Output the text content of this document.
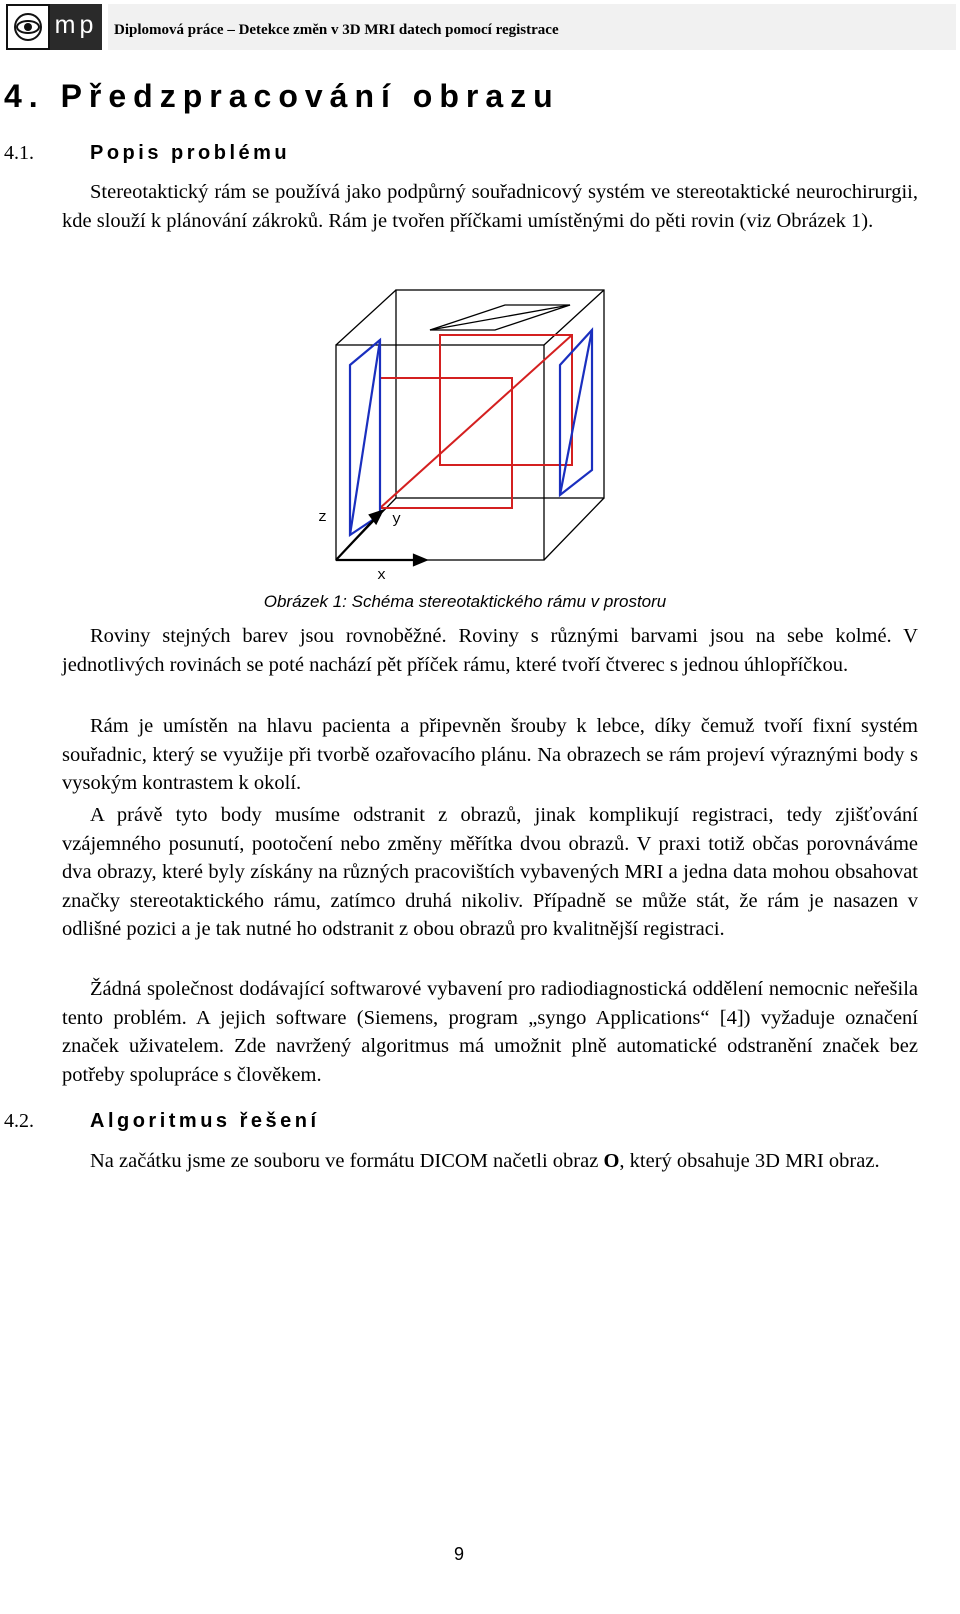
mp	Diplomová práce – Detekce změn v 3D MRI datech pomocí registrace
4. Předzpracování obrazu
4.1.	Popis problému

Stereotaktický rám se používá jako podpůrný souřadnicový systém ve stereotaktické neurochirurgii, kde slouží k plánování zákroků. Rám je tvořen příčkami umístěnými do pěti rovin (viz Obrázek 1).

z	y
x
Obrázek 1: Schéma stereotaktického rámu v prostoru

Roviny stejných barev jsou rovnoběžné. Roviny s různými barvami jsou na sebe kolmé. V jednotlivých rovinách se poté nachází pět příček rámu, které tvoří čtverec s jednou úhlopříčkou.

Rám je umístěn na hlavu pacienta a připevněn šrouby k lebce, díky čemuž tvoří fixní systém souřadnic, který se využije při tvorbě ozařovacího plánu. Na obrazech se rám projeví výraznými body s vysokým kontrastem k okolí.

A právě tyto body musíme odstranit z obrazů, jinak komplikují registraci, tedy zjišťování vzájemného posunutí, pootočení nebo změny měřítka dvou obrazů. V praxi totiž občas porovnáváme dva obrazy, které byly získány na různých pracovištích vybavených MRI a jedna data mohou obsahovat značky stereotaktického rámu, zatímco druhá nikoliv. Případně se může stát, že rám je nasazen v odlišné pozici a je tak nutné ho odstranit z obou obrazů pro kvalitnější registraci.

Žádná společnost dodávající softwarové vybavení pro radiodiagnostická oddělení nemocnic neřešila tento problém. A jejich software (Siemens, program „syngo Applications“ [4]) vyžaduje označení značek uživatelem. Zde navržený algoritmus má umožnit plně automatické odstranění značek bez potřeby spolupráce s člověkem.

4.2.	Algoritmus řešení

Na začátku jsme ze souboru ve formátu DICOM načetli obraz O, který obsahuje 3D MRI obraz.

9
